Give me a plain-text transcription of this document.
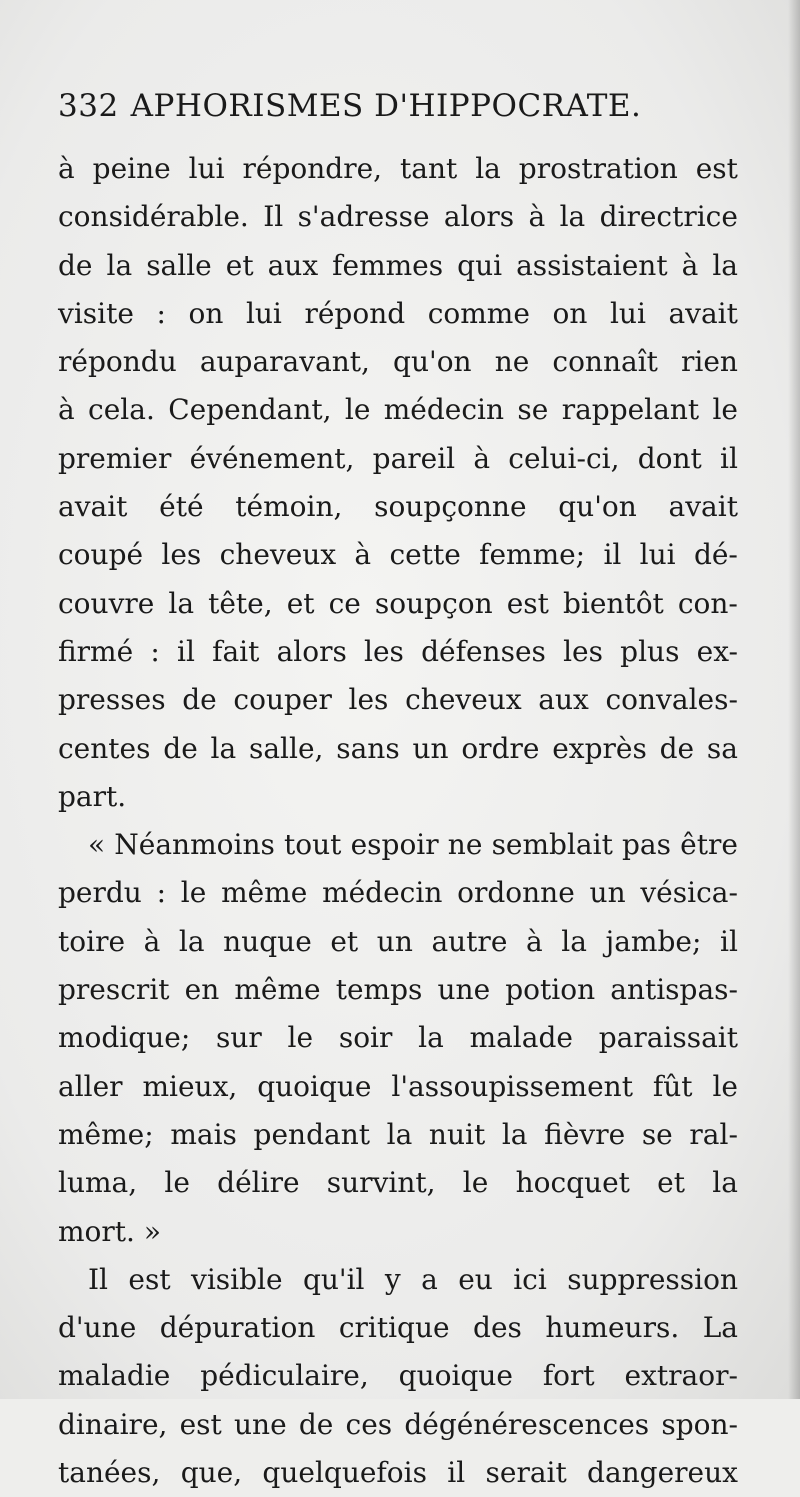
332 APHORISMES D'HIPPOCRATE.
à peine lui répondre, tant la prostration est
considérable. Il s'adresse alors à la directrice
de la salle et aux femmes qui assistaient à la
visite : on lui répond comme on lui avait
répondu auparavant, qu'on ne connaît rien
à cela. Cependant, le médecin se rappelant le
premier événement, pareil à celui-ci, dont il
avait été témoin, soupçonne qu'on avait
coupé les cheveux à cette femme; il lui dé-
couvre la tête, et ce soupçon est bientôt con-
firmé : il fait alors les défenses les plus ex-
presses de couper les cheveux aux convales-
centes de la salle, sans un ordre exprès de sa
part.
« Néanmoins tout espoir ne semblait pas être
perdu : le même médecin ordonne un vésica-
toire à la nuque et un autre à la jambe; il
prescrit en même temps une potion antispas-
modique; sur le soir la malade paraissait
aller mieux, quoique l'assoupissement fût le
même; mais pendant la nuit la fièvre se ral-
luma, le délire survint, le hocquet et la
mort. »
Il est visible qu'il y a eu ici suppression
d'une dépuration critique des humeurs. La
maladie pédiculaire, quoique fort extraor-
dinaire, est une de ces dégénérescences spon-
tanées, que, quelquefois il serait dangereux
